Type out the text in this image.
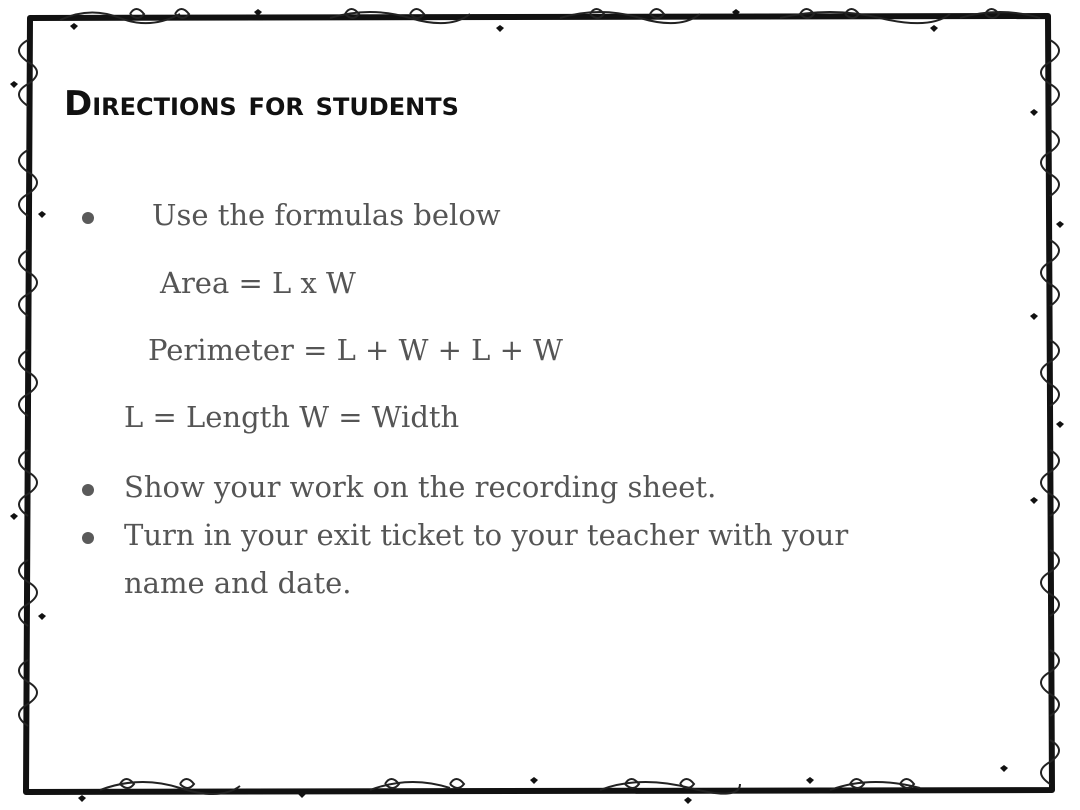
Directions for students
Use the formulas below
Area = L x W
Perimeter = L + W + L + W
L = Length W = Width
Show your work on the recording sheet.
Turn in your exit ticket to your teacher with your
name and date.
